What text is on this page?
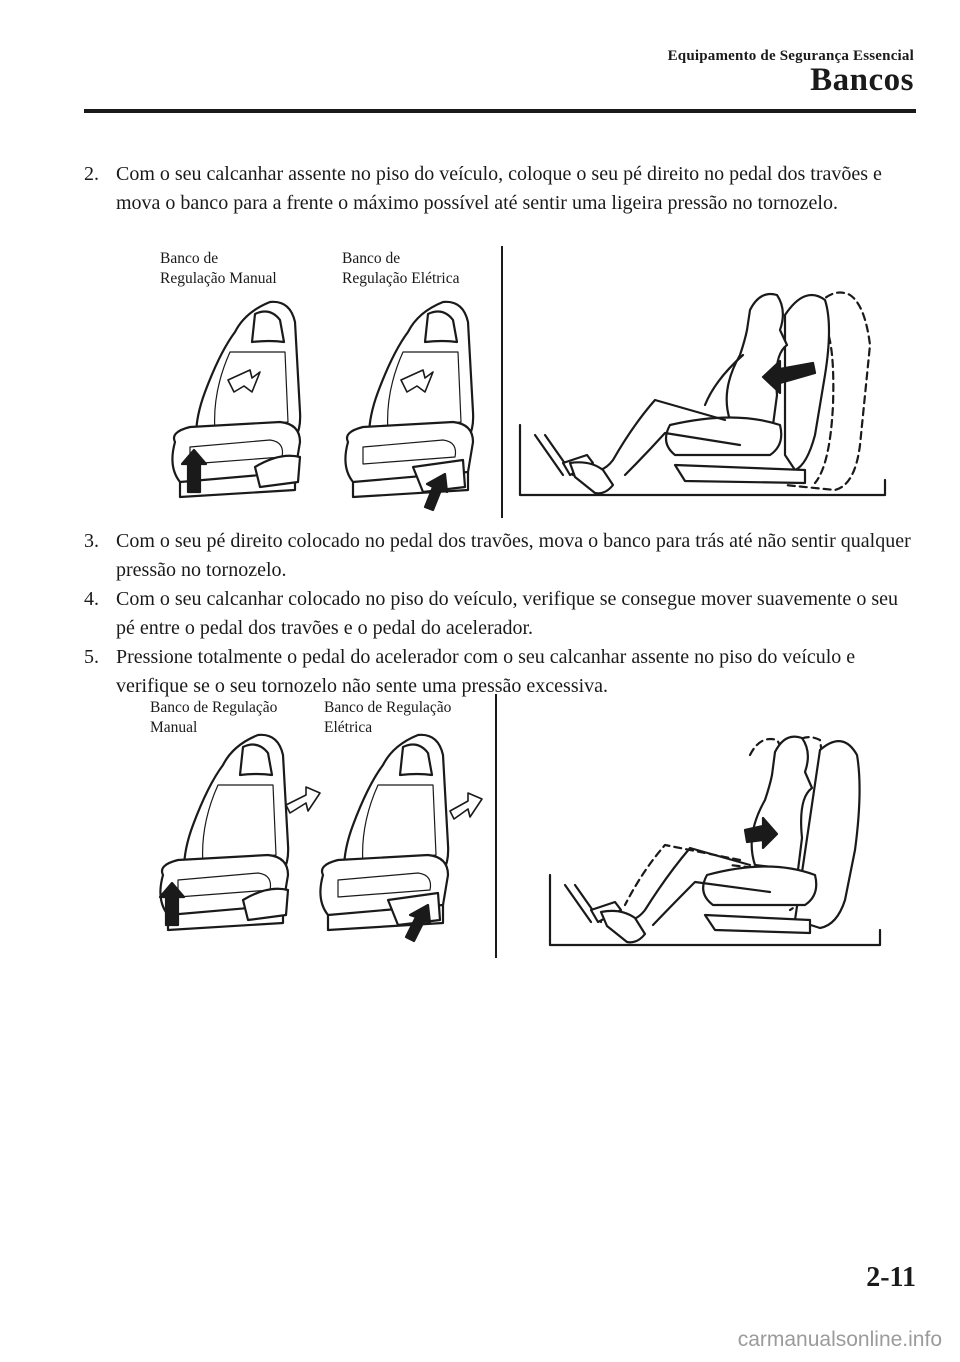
Equipamento de Segurança Essencial
Bancos
2. Com o seu calcanhar assente no piso do veículo, coloque o seu pé direito no pedal dos travões e mova o banco para a frente o máximo possível até sentir uma ligeira pressão no tornozelo.
Banco de
Regulação Manual
Banco de
Regulação Elétrica
3. Com o seu pé direito colocado no pedal dos travões, mova o banco para trás até não sentir qualquer pressão no tornozelo.
4. Com o seu calcanhar colocado no piso do veículo, verifique se consegue mover suavemente o seu pé entre o pedal dos travões e o pedal do acelerador.
5. Pressione totalmente o pedal do acelerador com o seu calcanhar assente no piso do veículo e verifique se o seu tornozelo não sente uma pressão excessiva.
Banco de Regulação
Manual
Banco de Regulação
Elétrica
2-11
carmanualsonline.info
